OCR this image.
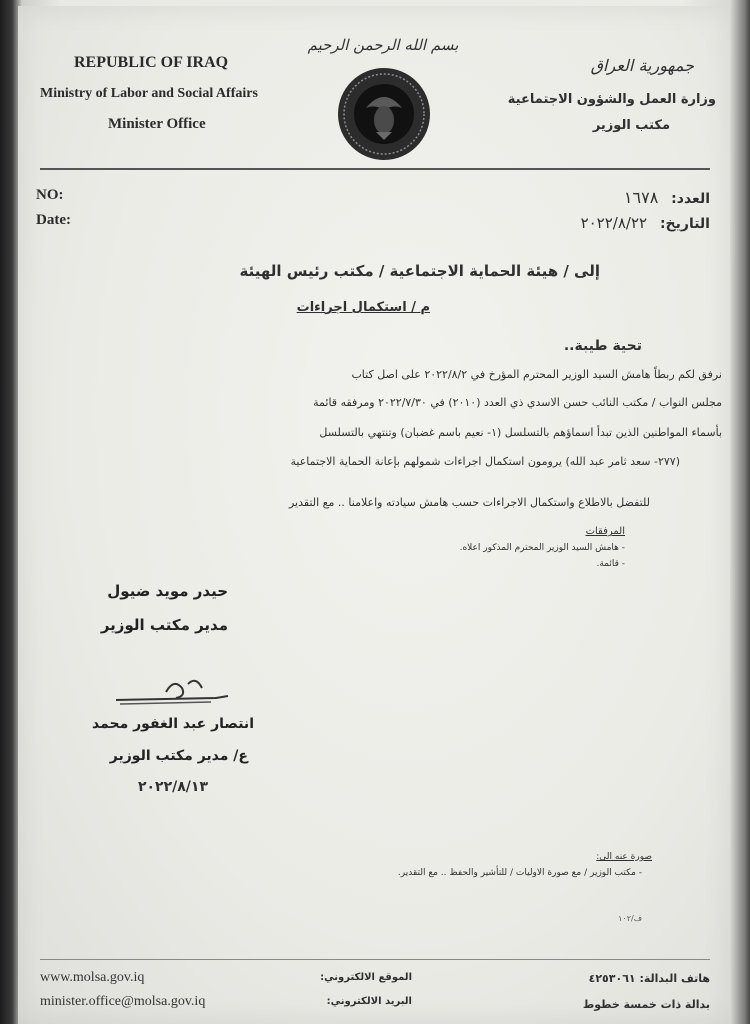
REPUBLIC OF IRAQ
Ministry of Labor and Social Affairs
Minister Office
بسم الله الرحمن الرحيم
جمهورية العراق
وزارة العمل والشؤون الاجتماعية
مكتب الوزير
NO:
Date:
العدد: ١٦٧٨
التاريخ: ٢٠٢٢/٨/٢٢
إلى / هيئة الحماية الاجتماعية / مكتب رئيس الهيئة
م / استكمال اجراءات
تحية طيبة..
نرفق لكم ربطاً هامش السيد الوزير المحترم المؤرخ في ٢٠٢٢/٨/٢ على اصل كتاب
مجلس النواب / مكتب النائب حسن الاسدي ذي العدد (٢٠١٠) في ٢٠٢٢/٧/٣٠ ومرفقه قائمة
بأسماء المواطنين الذين تبدأ اسماؤهم بالتسلسل (١- نعيم باسم غضبان) وتنتهي بالتسلسل
(٢٧٧- سعد ثامر عبد الله) يرومون استكمال اجراءات شمولهم بإعانة الحماية الاجتماعية
للتفضل بالاطلاع واستكمال الاجراءات حسب هامش سيادته واعلامنا .. مع التقدير
المرفقات
- هامش السيد الوزير المحترم المذكور اعلاه.
- قائمة.
حيدر مويد ضيول
مدير مكتب الوزير
انتصار عبد الغفور محمد
ع/ مدير مكتب الوزير
٢٠٢٢/٨/١٣
صورة عنه الى:
- مكتب الوزير / مع صورة الاوليات / للتأشير والحفظ .. مع التقدير.
ف/١٠٢
www.molsa.gov.iq
minister.office@molsa.gov.iq
الموقع الالكتروني:
البريد الالكتروني:
هاتف البدالة: ٤٢٥٣٠٦١
بدالة ذات خمسة خطوط
